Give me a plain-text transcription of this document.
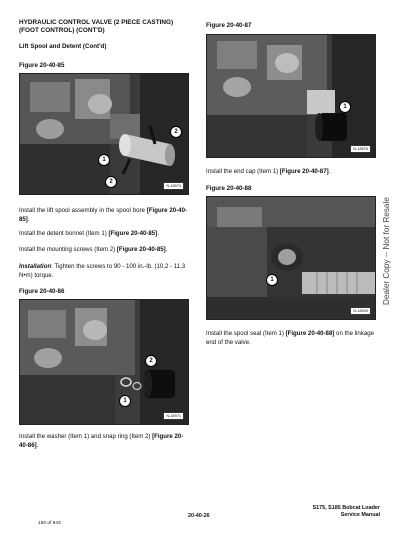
HYDRAULIC CONTROL VALVE (2 PIECE CASTING)
(FOOT CONTROL) (CONT'D)
Lift Spool and Detent (Cont'd)
Figure 20-40-85
2
1
2
N-18973
Install the lift spool assembly in the spool bore [Figure 20-40-85].
Install the detent bonnet (Item 1) [Figure 20-40-85].
Install the mounting screws (Item 2) [Figure 20-40-85].
Installation: Tighten the screws to 90 - 100 in.-lb. (10,2 - 11,3 N•m) torque.
Figure 20-40-86
2
1
N-18971
Install the washer (Item 1) and snap ring (Item 2) [Figure 20-40-86].
Figure 20-40-87
1
N-18976
Install the end cap (Item 1) [Figure 20-40-87].
Figure 20-40-88
1
N-18930
Install the spool seal (Item 1) [Figure 20-40-88] on the linkage end of the valve.
Dealer Copy -- Not for Resale
20-40-26
S175, S185 Bobcat Loader
Service Manual
150 of 943
